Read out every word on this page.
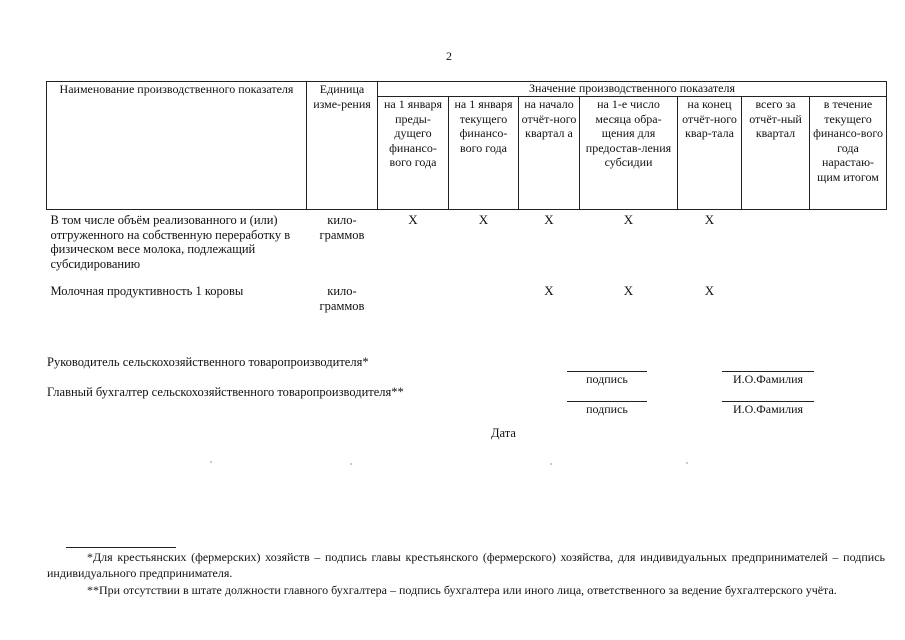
2
Наименование производственного показателя	Единица изме-рения	Значение производственного показателя						
		на 1 января преды-дущего финансо-вого года	на 1 января текущего финансо-вого года	на начало отчёт-ного квартал а	на 1-е число месяца обра-щения для предостав-ления субсидии	на конец отчёт-ного квар-тала	всего за отчёт-ный квартал	в течение текущего финансо-вого года нарастаю-щим итогом
В том числе объём реализованного и (или) отгруженного на собственную переработку в физическом весе молока, подлежащий субсидированию	кило-граммов	X	X	X	X	X		
Молочная продуктивность 1 коровы	кило-граммов			X	X	X		
Руководитель сельскохозяйственного товаропроизводителя*
подпись	И.О.Фамилия
Главный бухгалтер сельскохозяйственного товаропроизводителя**
подпись	И.О.Фамилия
Дата
*Для крестьянских (фермерских) хозяйств – подпись главы крестьянского (фермерского) хозяйства, для индивидуальных предпринимателей – подпись индивидуального предпринимателя.
**При отсутствии в штате должности главного бухгалтера – подпись бухгалтера или иного лица, ответственного за ведение бухгалтерского учёта.
